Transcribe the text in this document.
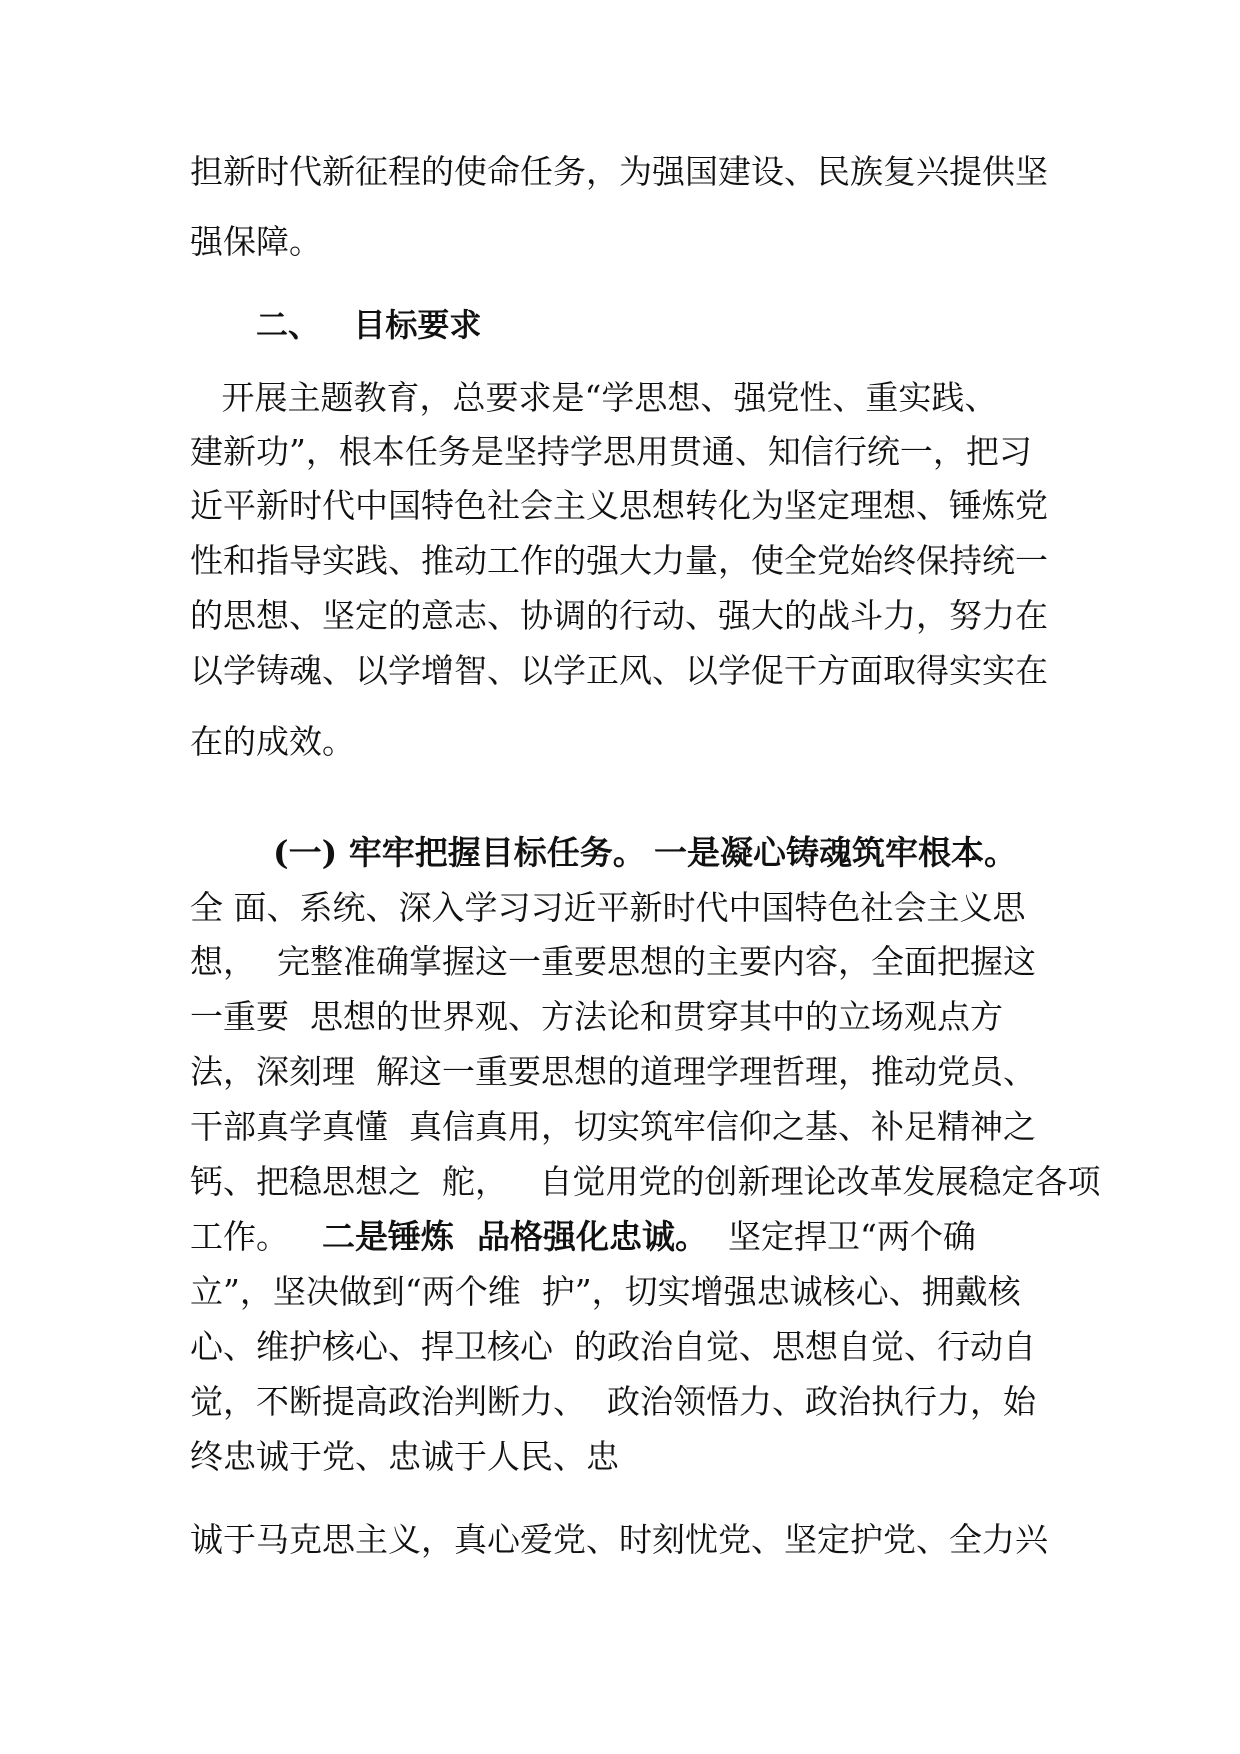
担新时代新征程的使命任务，为强国建设、民族复兴提供坚

强保障。

二、   目标要求

开展主题教育，总要求是“学思想、强党性、重实践、

建新功”，根本任务是坚持学思用贯通、知信行统一，把习

近平新时代中国特色社会主义思想转化为坚定理想、锤炼党

性和指导实践、推动工作的强大力量，使全党始终保持统一

的思想、坚定的意志、协调的行动、强大的战斗力，努力在

以学铸魂、以学增智、以学正风、以学促干方面取得实实在

在的成效。

(一) 牢牢把握目标任务。 一是凝心铸魂筑牢根本。

全 面、系统、深入学习习近平新时代中国特色社会主义思

想，  完整准确掌握这一重要思想的主要内容，全面把握这

一重要  思想的世界观、方法论和贯穿其中的立场观点方

法，深刻理  解这一重要思想的道理学理哲理，推动党员、

干部真学真懂  真信真用，切实筑牢信仰之基、补足精神之

钙、把稳思想之  舵，   自觉用党的创新理论改革发展稳定各项

工作。 二是锤炼  品格强化忠诚。 坚定捍卫“两个确

立”，坚决做到“两个维  护”，切实增强忠诚核心、拥戴核

心、维护核心、捍卫核心  的政治自觉、思想自觉、行动自

觉，不断提高政治判断力、  政治领悟力、政治执行力，始

终忠诚于党、忠诚于人民、忠

诚于马克思主义，真心爱党、时刻忧党、坚定护党、全力兴
